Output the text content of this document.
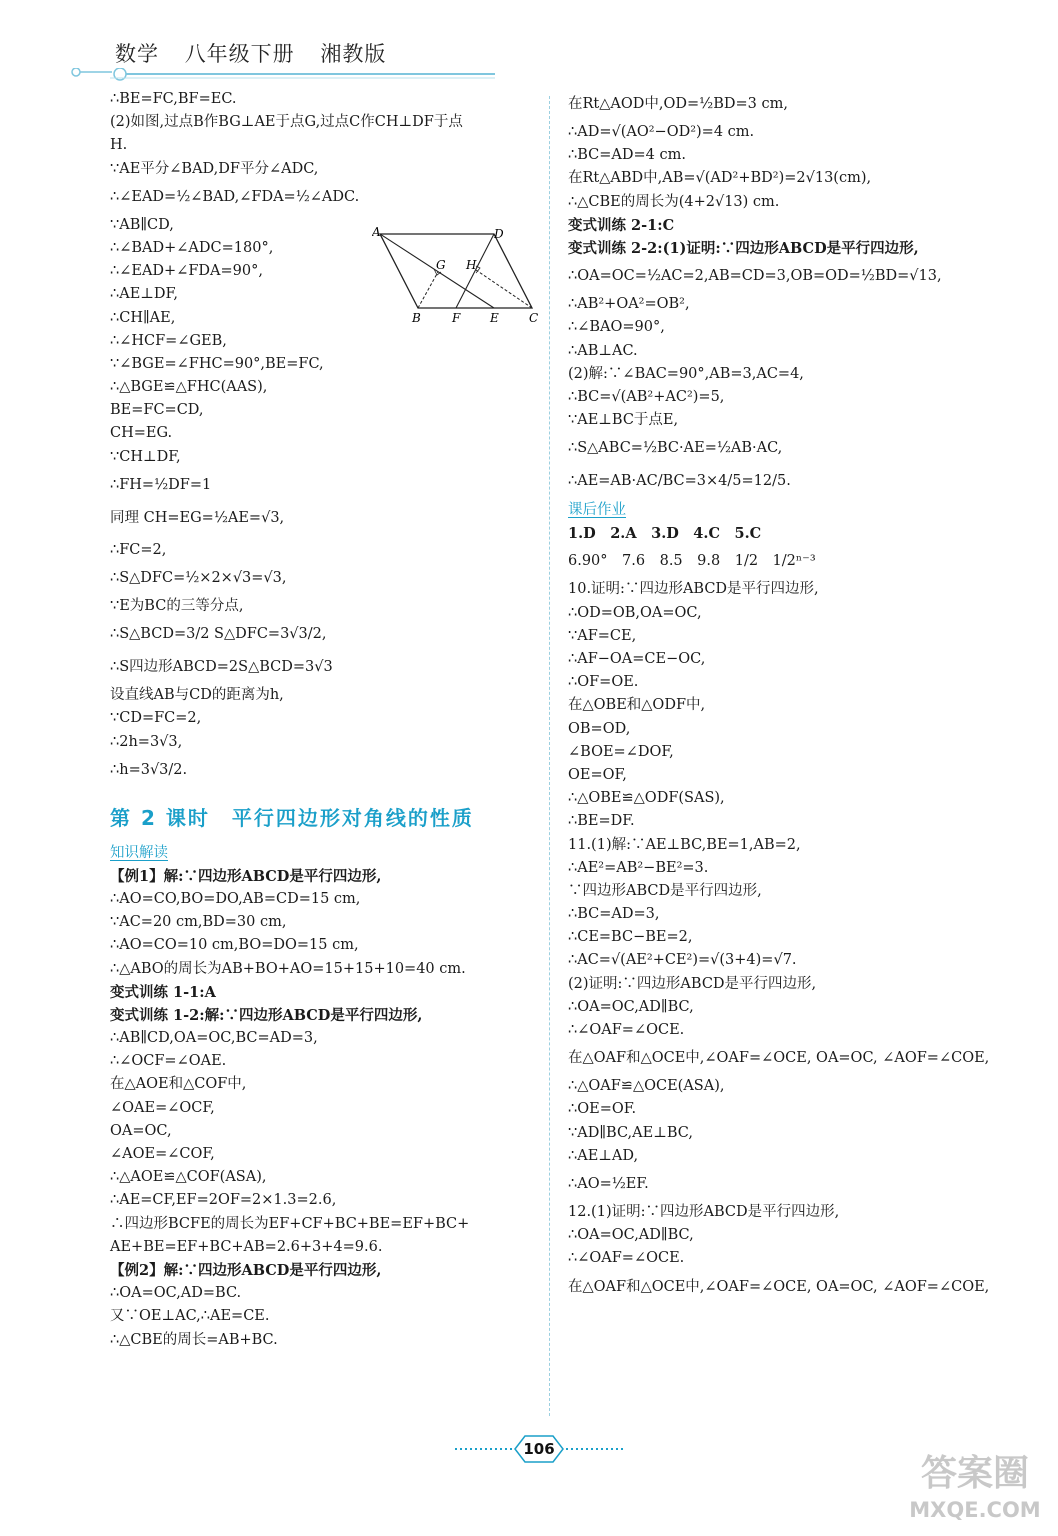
数学 八年级下册 湘教版
∴BE=FC,BF=EC.
(2)如图,过点B作BG⊥AE于点G,过点C作CH⊥DF于点
H.
∵AE平分∠BAD,DF平分∠ADC,
∴∠EAD=½∠BAD,∠FDA=½∠ADC.
∵AB∥CD,
∴∠BAD+∠ADC=180°,
∴∠EAD+∠FDA=90°,
∴AE⊥DF,
∴CH∥AE,
∴∠HCF=∠GEB,
∵∠BGE=∠FHC=90°,BE=FC,
∴△BGE≌△FHC(AAS),
BE=FC=CD,
CH=EG.
∵CH⊥DF,
∴FH=½DF=1
同理 CH=EG=½AE=√3,
∴FC=2,
∴S△DFC=½×2×√3=√3,
∵E为BC的三等分点,
∴S△BCD=3/2 S△DFC=3√3/2,
∴S四边形ABCD=2S△BCD=3√3
设直线AB与CD的距离为h,
∵CD=FC=2,
∴2h=3√3,
∴h=3√3/2.
第 2 课时　平行四边形对角线的性质
知识解读
【例1】解:∵四边形ABCD是平行四边形,
∴AO=CO,BO=DO,AB=CD=15 cm,
∵AC=20 cm,BD=30 cm,
∴AO=CO=10 cm,BO=DO=15 cm,
∴△ABO的周长为AB+BO+AO=15+15+10=40 cm.
变式训练 1-1:A
变式训练 1-2:解:∵四边形ABCD是平行四边形,
∴AB∥CD,OA=OC,BC=AD=3,
∴∠OCF=∠OAE.
在△AOE和△COF中,
∠OAE=∠OCF,
OA=OC,
∠AOE=∠COF,
∴△AOE≌△COF(ASA),
∴AE=CF,EF=2OF=2×1.3=2.6,
∴四边形BCFE的周长为EF+CF+BC+BE=EF+BC+
AE+BE=EF+BC+AB=2.6+3+4=9.6.
【例2】解:∵四边形ABCD是平行四边形,
∴OA=OC,AD=BC.
又∵OE⊥AC,∴AE=CE.
∴△CBE的周长=AB+BC.
A	D
B	F E	C
G H
在Rt△AOD中,OD=½BD=3 cm,
∴AD=√(AO²−OD²)=4 cm.
∴BC=AD=4 cm.
在Rt△ABD中,AB=√(AD²+BD²)=2√13(cm),
∴△CBE的周长为(4+2√13) cm.
变式训练 2-1:C
变式训练 2-2:(1)证明:∵四边形ABCD是平行四边形,
∴OA=OC=½AC=2,AB=CD=3,OB=OD=½BD=√13,
∴AB²+OA²=OB²,
∴∠BAO=90°,
∴AB⊥AC.
(2)解:∵∠BAC=90°,AB=3,AC=4,
∴BC=√(AB²+AC²)=5,
∵AE⊥BC于点E,
∴S△ABC=½BC·AE=½AB·AC,
∴AE=AB·AC/BC=3×4/5=12/5.
课后作业
1.D　2.A　3.D　4.C　5.C
6.90°　7.6　8.5　9.8　1/2　1/2ⁿ⁻³
10.证明:∵四边形ABCD是平行四边形,
∴OD=OB,OA=OC,
∵AF=CE,
∴AF−OA=CE−OC,
∴OF=OE.
在△OBE和△ODF中,
OB=OD,
∠BOE=∠DOF,
OE=OF,
∴△OBE≌△ODF(SAS),
∴BE=DF.
11.(1)解:∵AE⊥BC,BE=1,AB=2,
∴AE²=AB²−BE²=3.
∵四边形ABCD是平行四边形,
∴BC=AD=3,
∴CE=BC−BE=2,
∴AC=√(AE²+CE²)=√(3+4)=√7.
(2)证明:∵四边形ABCD是平行四边形,
∴OA=OC,AD∥BC,
∴∠OAF=∠OCE.
在△OAF和△OCE中,∠OAF=∠OCE, OA=OC, ∠AOF=∠COE,
∴△OAF≌△OCE(ASA),
∴OE=OF.
∵AD∥BC,AE⊥BC,
∴AE⊥AD,
∴AO=½EF.
12.(1)证明:∵四边形ABCD是平行四边形,
∴OA=OC,AD∥BC,
∴∠OAF=∠OCE.
在△OAF和△OCE中,∠OAF=∠OCE, OA=OC, ∠AOF=∠COE,
106
答案圈
MXQE.COM
